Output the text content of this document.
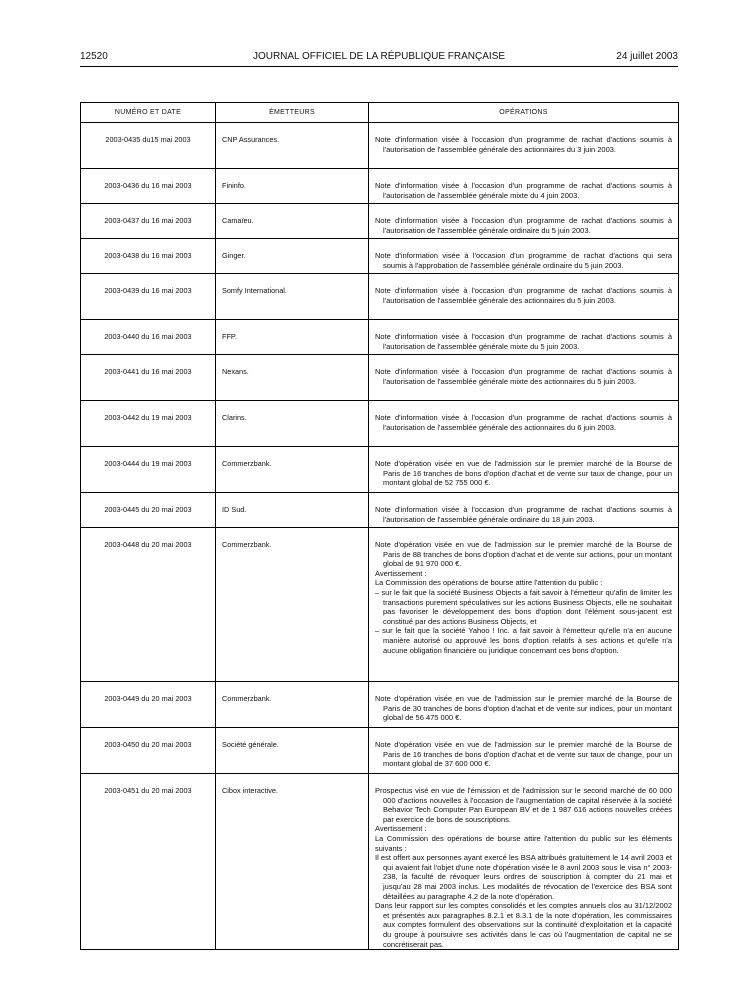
12520	JOURNAL OFFICIEL DE LA RÉPUBLIQUE FRANÇAISE	24 juillet 2003
NUMÉRO ET DATE	ÉMETTEURS	OPÉRATIONS
2003-0435 du15 mai 2003	CNP Assurances.	Note d'information visée à l'occasion d'un programme de rachat d'actions soumis à l'autorisation de l'assemblée générale des actionnaires du 3 juin 2003.

2003-0436 du 16 mai 2003	Fininfo.	Note d'information visée à l'occasion d'un programme de rachat d'actions soumis à l'autorisation de l'assemblée générale mixte du 4 juin 2003.

2003-0437 du 16 mai 2003	Camaïeu.	Note d'information visée à l'occasion d'un programme de rachat d'actions soumis à l'autorisation de l'assemblée générale ordinaire du 5 juin 2003.

2003-0438 du 16 mai 2003	Ginger.	Note d'information visée à l'occasion d'un programme de rachat d'actions qui sera soumis à l'approbation de l'assemblée générale ordinaire du 5 juin 2003.

2003-0439 du 16 mai 2003	Somfy International.	Note d'information visée à l'occasion d'un programme de rachat d'actions soumis à l'autorisation de l'assemblée générale des actionnaires du 5 juin 2003.

2003-0440 du 16 mai 2003	FFP.	Note d'information visée à l'occasion d'un programme de rachat d'actions soumis à l'autorisation de l'assemblée générale mixte du 5 juin 2003.

2003-0441 du 16 mai 2003	Nexans.	Note d'information visée à l'occasion d'un programme de rachat d'actions soumis à l'autorisation de l'assemblée générale mixte des actionnaires du 5 juin 2003.

2003-0442 du 19 mai 2003	Clarins.	Note d'information visée à l'occasion d'un programme de rachat d'actions soumis à l'autorisation de l'assemblée générale des actionnaires du 6 juin 2003.

2003-0444 du 19 mai 2003	Commerzbank.	Note d'opération visée en vue de l'admission sur le premier marché de la Bourse de Paris de 16 tranches de bons d'option d'achat et de vente sur taux de change, pour un montant global de 52 755 000 €.

2003-0445 du 20 mai 2003	ID Sud.	Note d'information visée à l'occasion d'un programme de rachat d'actions soumis à l'autorisation de l'assemblée générale ordinaire du 18 juin 2003.

2003-0448 du 20 mai 2003	Commerzbank.	Note d'opération visée en vue de l'admission sur le premier marché de la Bourse de Paris de 88 tranches de bons d'option d'achat et de vente sur actions, pour un montant global de 91 970 000 €.
Avertissement :
La Commission des opérations de bourse attire l'attention du public :
– sur le fait que la société Business Objects a fait savoir à l'émetteur qu'afin de limiter les transactions purement spéculatives sur les actions Business Objects, elle ne souhaitait pas favoriser le développement des bons d'option dont l'élément sous-jacent est constitué par des actions Business Objects, et
– sur le fait que la société Yahoo ! Inc. a fait savoir à l'émetteur qu'elle n'a en aucune manière autorisé ou approuvé les bons d'option relatifs à ses actions et qu'elle n'a aucune obligation financière ou juridique concernant ces bons d'option.

2003-0449 du 20 mai 2003	Commerzbank.	Note d'opération visée en vue de l'admission sur le premier marché de la Bourse de Paris de 30 tranches de bons d'option d'achat et de vente sur indices, pour un montant global de 56 475 000 €.

2003-0450 du 20 mai 2003	Société générale.	Note d'opération visée en vue de l'admission sur le premier marché de la Bourse de Paris de 16 tranches de bons d'option d'achat et de vente sur taux de change, pour un montant global de 37 600 000 €.

2003-0451 du 20 mai 2003	Cibox interactive.	Prospectus visé en vue de l'émission et de l'admission sur le second marché de 60 000 000 d'actions nouvelles à l'occasion de l'augmentation de capital réservée à la société Behavior Tech Computer Pan European BV et de 1 987 616 actions nouvelles créées par exercice de bons de souscriptions.
Avertissement :
La Commission des opérations de bourse attire l'attention du public sur les éléments suivants :
Il est offert aux personnes ayant exercé les BSA attribués gratuitement le 14 avril 2003 et qui avaient fait l'objet d'une note d'opération visée le 8 avril 2003 sous le visa n° 2003-238, la faculté de révoquer leurs ordres de souscription à compter du 21 mai et jusqu'au 28 mai 2003 inclus. Les modalités de révocation de l'exercice des BSA sont détaillées au paragraphe 4.2 de la note d'opération.
Dans leur rapport sur les comptes consolidés et les comptes annuels clos au 31/12/2002 et présentés aux paragraphes 8.2.1 et 8.3.1 de la note d'opération, les commissaires aux comptes formulent des observations sur la continuité d'exploitation et la capacité du groupe à poursuivre ses activités dans le cas où l'augmentation de capital ne se concrétiserait pas.
